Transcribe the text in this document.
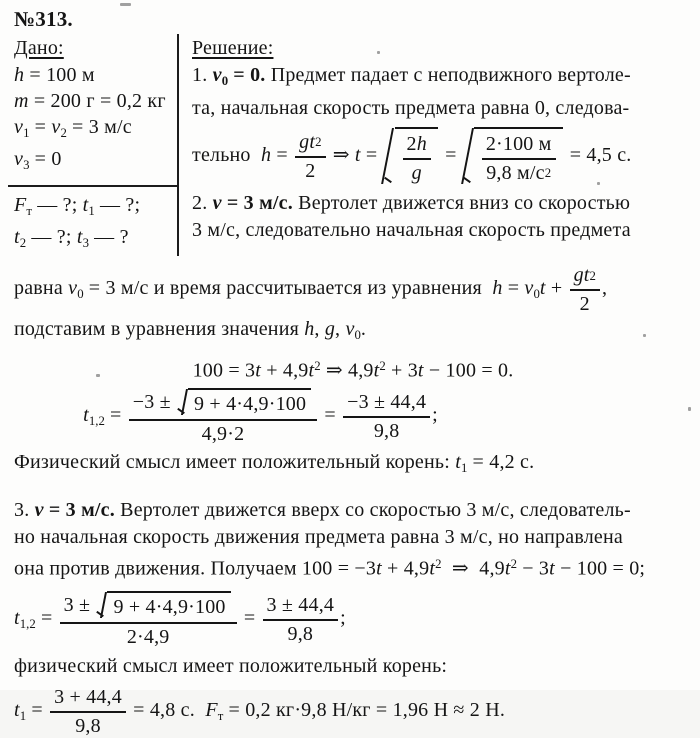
№313.
Дано:
h = 100 м
m = 200 г = 0,2 кг
$v_1 = v_2 = 3$ м/с
$v_3 = 0$
$F_т$ — ?; $t_1$ — ?;
$t_2$ — ?; $t_3$ — ?
Решение:
1. $v_0 = 0$. Предмет падает с неподвижного вертоле-
та, начальная скорость предмета равна 0, следова-
тельно  $h = \frac{gt 2}{2}$ ⇒ $t = \frac{2 h}{g} = \frac{2\cdot 100 м}{9,8 м/с 2} = 4,5$ с.
2. v = 3 м/с. Вертолет движется вниз со скоростью
3 м/с, следовательно начальная скорость предмета
равна $v_0 = 3$ м/с и время рассчитывается из уравнения  $h = v_0t + \frac{gt 2}{2}$ ,
подставим в уравнения значения h, g, $v_0$.
$100 = 3t + 4,9t^2$ ⇒ $4,9t^2 + 3t - 100 = 0$.
$t_{1,2} = \frac{-3 \pm 9 + 4\cdot 4,9\cdot 100}{4,9\cdot 2} = \frac{-3 \pm 44,4}{9,8}$ ;
Физический смысл имеет положительный корень: $t_1 = 4,2$ с.
3. v = 3 м/с. Вертолет движется вверх со скоростью 3 м/с, следователь-
но начальная скорость движения предмета равна 3 м/с, но направлена
она против движения. Получаем $100 = -3t + 4,9t^2$  ⇒  $4,9t^2 - 3t - 100 = 0$;
$t_{1,2} = \frac{3 \pm 9 + 4\cdot 4,9\cdot 100}{2\cdot 4,9} = \frac{3 \pm 44,4}{9,8}$ ;
физический смысл имеет положительный корень:
$t_1 = \frac{3 + 44,4}{9,8} = 4,8$ с.  $F_т = 0,2$ кг·9,8 Н/кг = 1,96 Н ≈ 2 Н.
